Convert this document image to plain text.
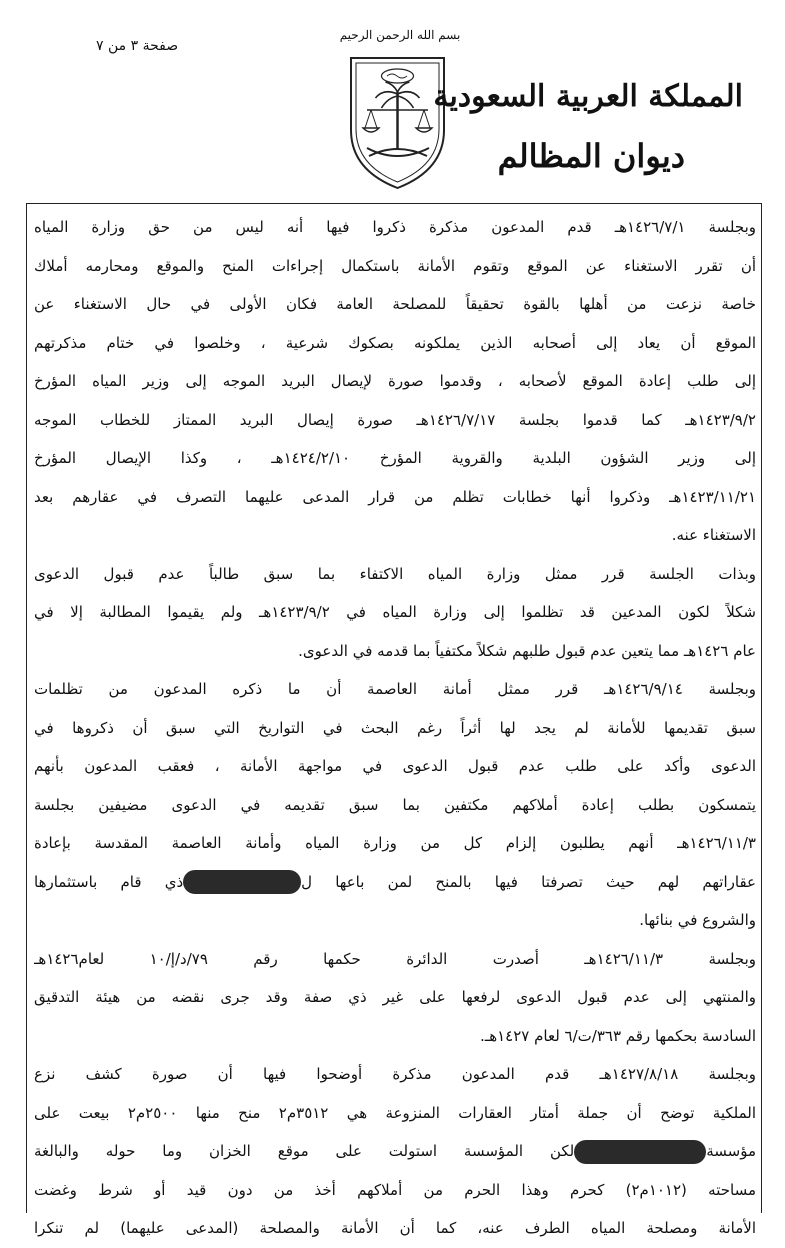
صفحة ٣ من ٧
بسم الله الرحمن الرحيم
المملكة العربية السعودية
ديوان المظالم
وبجلسة ١٤٢٦/٧/١هـ قدم المدعون مذكرة ذكروا فيها أنه ليس من حق وزارة المياه
أن تقرر الاستغناء عن الموقع وتقوم الأمانة باستكمال إجراءات المنح والموقع ومحارمه أملاك
خاصة نزعت من أهلها بالقوة تحقيقاً للمصلحة العامة فكان الأولى في حال الاستغناء عن
الموقع أن يعاد إلى أصحابه الذين يملكونه بصكوك شرعية ، وخلصوا في ختام مذكرتهم
إلى طلب إعادة الموقع لأصحابه ، وقدموا صورة لإيصال البريد الموجه إلى وزير المياه المؤرخ
١٤٢٣/٩/٢هـ كما قدموا بجلسة ١٤٢٦/٧/١٧هـ صورة إيصال البريد الممتاز للخطاب الموجه
إلى وزير الشؤون البلدية والقروية المؤرخ ١٤٢٤/٢/١٠هـ ، وكذا الإيصال المؤرخ
١٤٢٣/١١/٢١هـ وذكروا أنها خطابات تظلم من قرار المدعى عليهما التصرف في عقارهم بعد
الاستغناء عنه.
وبذات الجلسة قرر ممثل وزارة المياه الاكتفاء بما سبق طالباً عدم قبول الدعوى
شكلاً لكون المدعين قد تظلموا إلى وزارة المياه في ١٤٢٣/٩/٢هـ ولم يقيموا المطالبة إلا في
عام ١٤٢٦هـ مما يتعين عدم قبول طلبهم شكلاً مكتفياً بما قدمه في الدعوى.
وبجلسة ١٤٢٦/٩/١٤هـ قرر ممثل أمانة العاصمة أن ما ذكره المدعون من تظلمات
سبق تقديمها للأمانة لم يجد لها أثراً رغم البحث في التواريخ التي سبق أن ذكروها في
الدعوى وأكد على طلب عدم قبول الدعوى في مواجهة الأمانة ، فعقب المدعون بأنهم
يتمسكون بطلب إعادة أملاكهم مكتفين بما سبق تقديمه في الدعوى مضيفين بجلسة
١٤٢٦/١١/٣هـ أنهم يطلبون إلزام كل من وزارة المياه وأمانة العاصمة المقدسة بإعادة
عقاراتهم لهم حيث تصرفتا فيها بالمنح لمن باعها لذي قام باستثمارها
والشروع في بنائها.
وبجلسة ١٤٢٦/١١/٣هـ أصدرت الدائرة حكمها رقم ٧٩/د/إ/١٠ لعام١٤٢٦هـ
والمنتهي إلى عدم قبول الدعوى لرفعها على غير ذي صفة وقد جرى نقضه من هيئة التدقيق
السادسة بحكمها رقم ٣٦٣/ت/٦ لعام ١٤٢٧هـ.
وبجلسة ١٤٢٧/٨/١٨هـ قدم المدعون مذكرة أوضحوا فيها أن صورة كشف نزع
الملكية توضح أن جملة أمتار العقارات المنزوعة هي ٣٥١٢م٢ منح منها ٢٥٠٠م٢ بيعت على
مؤسسةلكن المؤسسة استولت على موقع الخزان وما حوله والبالغة
مساحته (١٠١٢م٢) كحرم وهذا الحرم من أملاكهم أخذ من دون قيد أو شرط وغضت
الأمانة ومصلحة المياه الطرف عنه، كما أن الأمانة والمصلحة (المدعى عليهما) لم تنكرا
